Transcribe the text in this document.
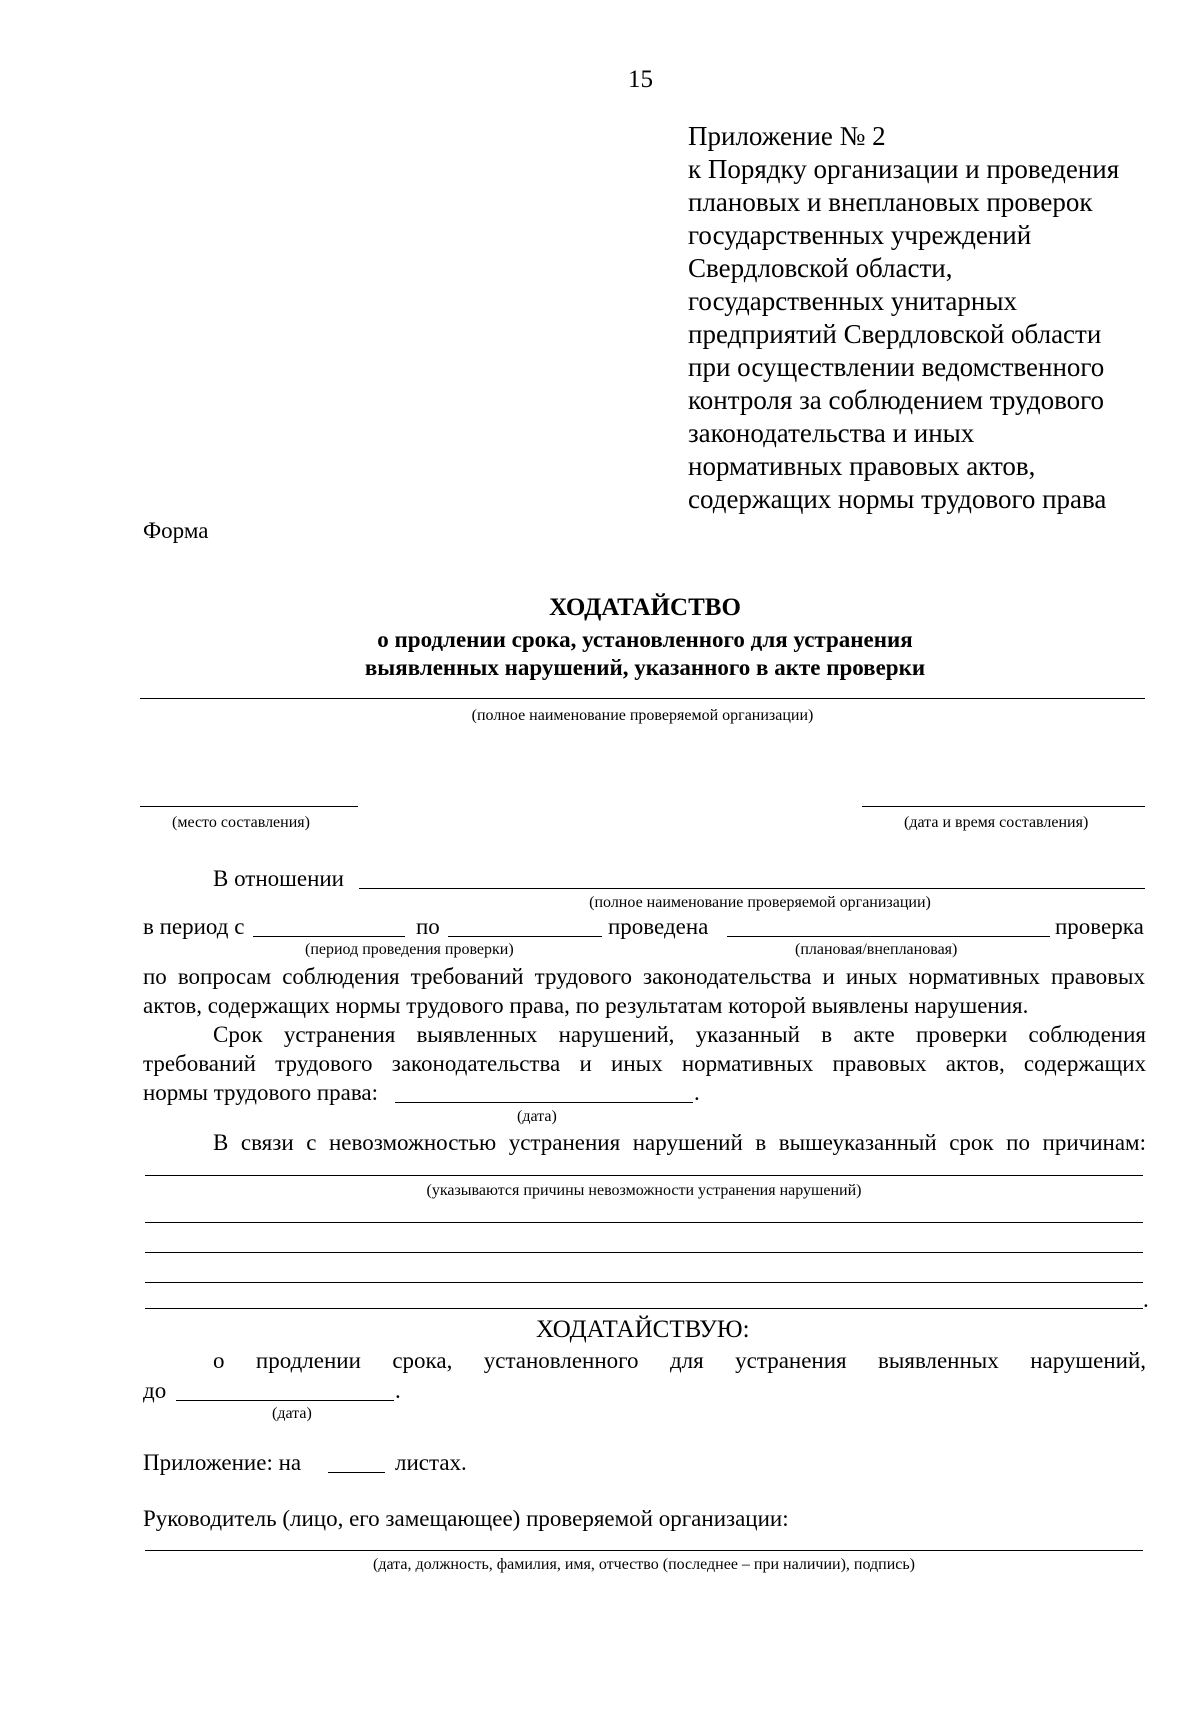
15
Приложение № 2
к Порядку организации и проведения
плановых и внеплановых проверок
государственных учреждений
Свердловской области,
государственных унитарных
предприятий Свердловской области
при осуществлении ведомственного
контроля за соблюдением трудового
законодательства и иных
нормативных правовых актов,
содержащих нормы трудового права
Форма
ХОДАТАЙСТВО
о продлении срока, установленного для устранения
выявленных нарушений, указанного в акте проверки
(полное наименование проверяемой организации)
(место составления)	(дата и время составления)
В отношении
(полное наименование проверяемой организации)
в период с	по	проведена	проверка
(период проведения проверки)	(плановая/внеплановая)
по вопросам соблюдения требований трудового законодательства и иных нормативных правовых
актов, содержащих нормы трудового права, по результатам которой выявлены нарушения.
Срок устранения выявленных нарушений, указанный в акте проверки соблюдения
требований трудового законодательства и иных нормативных правовых актов, содержащих
нормы трудового права:	.
(дата)
В связи с невозможностью устранения нарушений в вышеуказанный срок по причинам:
(указываются причины невозможности устранения нарушений)
.
ХОДАТАЙСТВУЮ:
о продлении срока, установленного для устранения выявленных нарушений,
до	.
(дата)
Приложение: на	листах.
Руководитель (лицо, его замещающее) проверяемой организации:
(дата, должность, фамилия, имя, отчество (последнее – при наличии), подпись)
